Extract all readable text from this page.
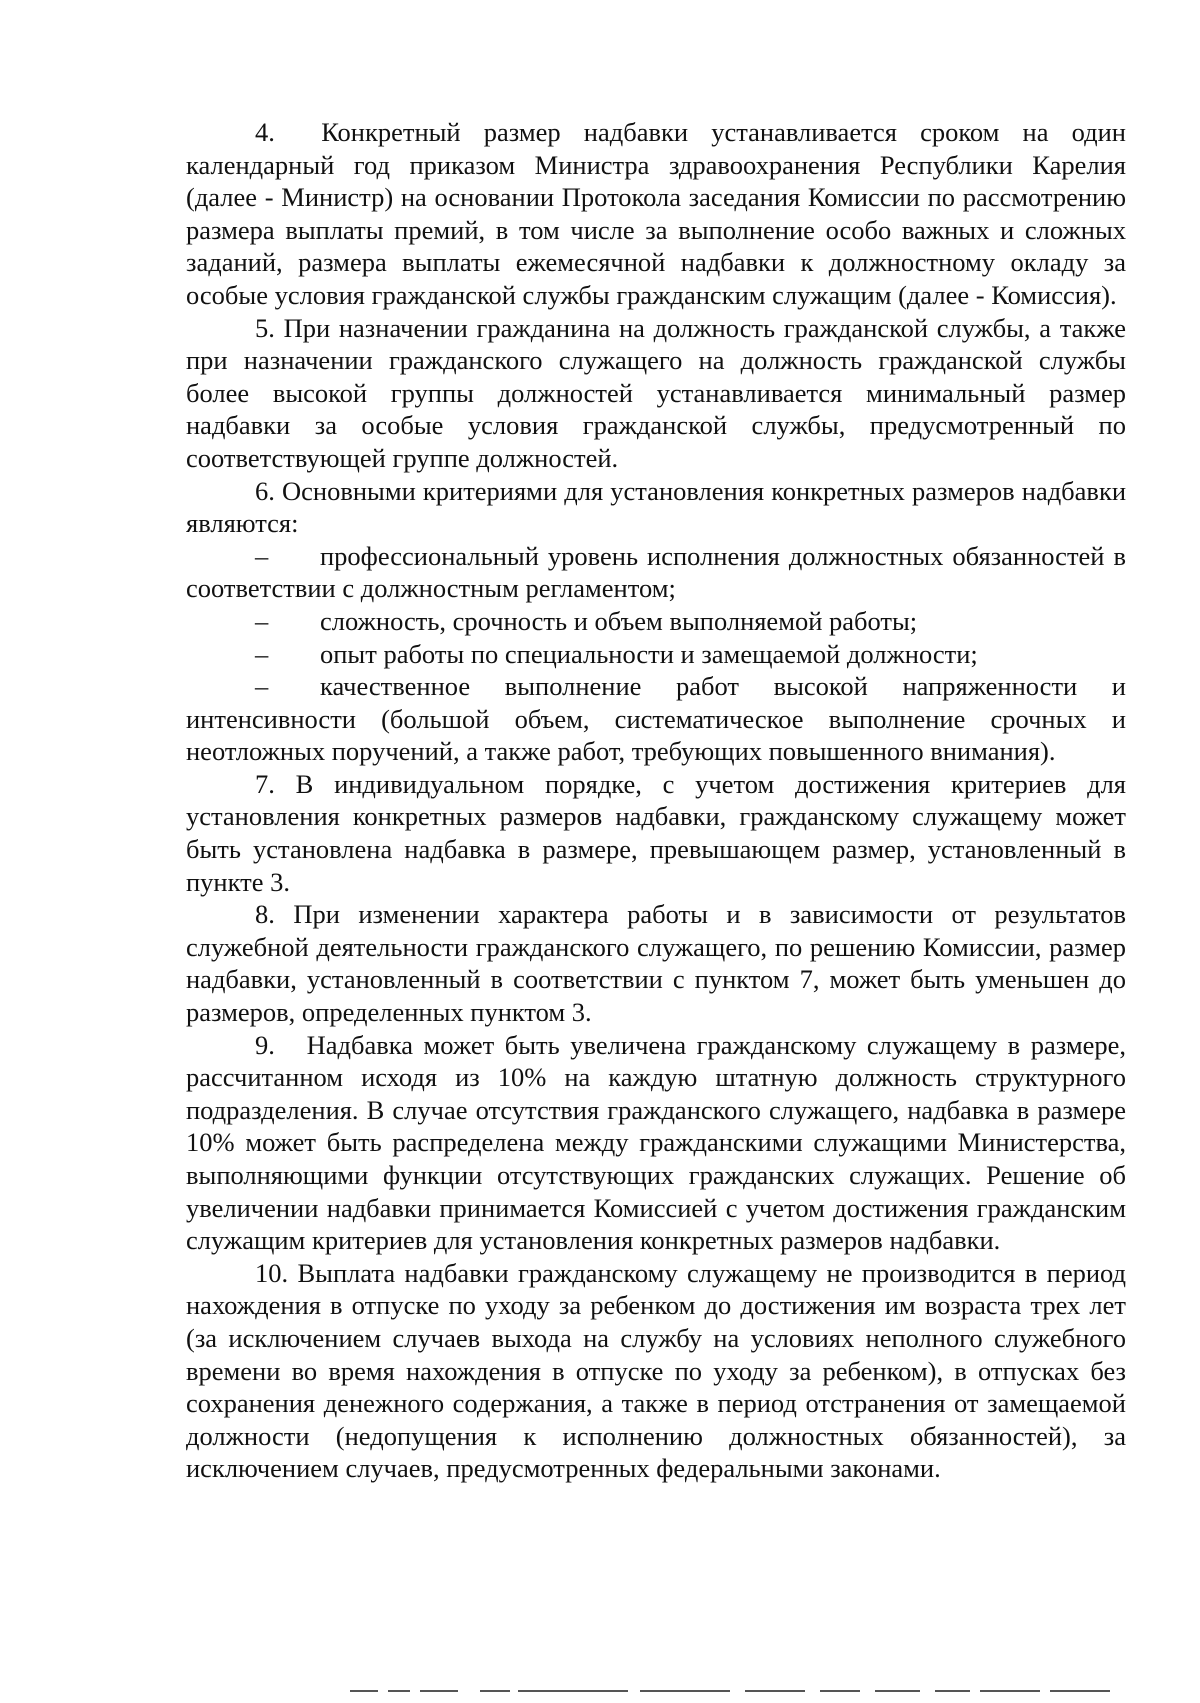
4.  Конкретный размер надбавки устанавливается сроком на один календарный год приказом Министра здравоохранения Республики Карелия (далее - Министр) на основании Протокола заседания Комиссии по рассмотрению размера выплаты премий, в том числе за выполнение особо важных и сложных заданий, размера выплаты ежемесячной надбавки к должностному окладу за особые условия гражданской службы гражданским служащим (далее - Комиссия).

5. При назначении гражданина на должность гражданской службы, а также при назначении гражданского служащего на должность гражданской службы более высокой группы должностей устанавливается минимальный размер надбавки за особые условия гражданской службы, предусмотренный по соответствующей группе должностей.

6. Основными критериями для установления конкретных размеров надбавки являются:

– профессиональный уровень исполнения должностных обязанностей в соответствии с должностным регламентом;

– сложность, срочность и объем выполняемой работы;

– опыт работы по специальности и замещаемой должности;

– качественное выполнение работ высокой напряженности и интенсивности (большой объем, систематическое выполнение срочных и неотложных поручений, а также работ, требующих повышенного внимания).

7. В индивидуальном порядке, с учетом достижения критериев для установления конкретных размеров надбавки, гражданскому служащему может быть установлена надбавка в размере, превышающем размер, установленный в пункте 3.

8. При изменении характера работы и в зависимости от результатов служебной деятельности гражданского служащего, по решению Комиссии, размер надбавки, установленный в соответствии с пунктом 7, может быть уменьшен до размеров, определенных пунктом 3.

9.   Надбавка может быть увеличена гражданскому служащему в размере, рассчитанном исходя из 10% на каждую штатную должность структурного подразделения. В случае отсутствия гражданского служащего, надбавка в размере 10% может быть распределена между гражданскими служащими Министерства, выполняющими функции отсутствующих гражданских служащих. Решение об увеличении надбавки принимается Комиссией с учетом достижения гражданским служащим критериев для установления конкретных размеров надбавки.

10. Выплата надбавки гражданскому служащему не производится в период нахождения в отпуске по уходу за ребенком до достижения им возраста трех лет (за исключением случаев выхода на службу на условиях неполного служебного времени во время нахождения в отпуске по уходу за ребенком), в отпусках без сохранения денежного содержания, а также в период отстранения от замещаемой должности (недопущения к исполнению должностных обязанностей), за исключением случаев, предусмотренных федеральными законами.
